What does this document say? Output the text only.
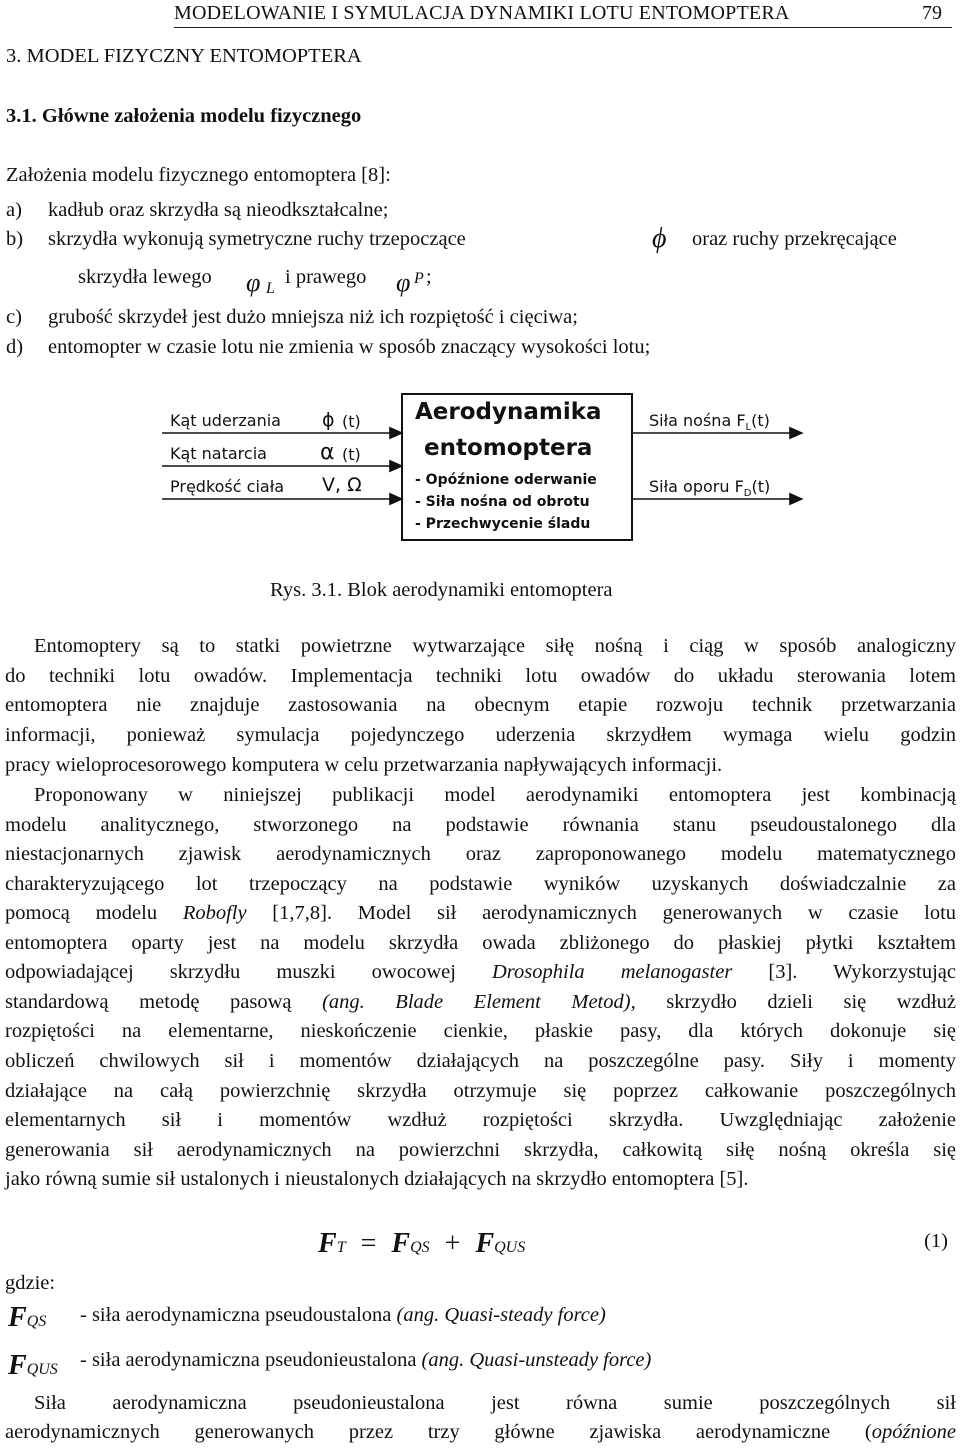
MODELOWANIE I SYMULACJA DYNAMIKI LOTU ENTOMOPTERA	79
3. MODEL FIZYCZNY ENTOMOPTERA
3.1. Główne założenia modelu fizycznego
Założenia modelu fizycznego entomoptera [8]:
a) kadłub oraz skrzydła są nieodkształcalne;
b) skrzydła wykonują symetryczne ruchy trzepoczące	ϕ oraz ruchy przekręcające
skrzydła lewego φ L
i prawego φ P ;
c) grubość skrzydeł jest dużo mniejsza niż ich rozpiętość i cięciwa;
d) entomopter w czasie lotu nie zmienia w sposób znaczący wysokości lotu;
Kąt uderzania ϕ (t)
Kąt natarcia α (t)
Prędkość ciała V, Ω
Aerodynamika
entomoptera
- Opóźnione oderwanie
- Siła nośna od obrotu
- Przechwycenie śladu
Siła nośna $F_L(t)$
Siła oporu $F_D(t)$
Rys. 3.1. Blok aerodynamiki entomoptera
Entomoptery są to statki powietrzne wytwarzające siłę nośną i ciąg w sposób analogiczny
do techniki lotu owadów. Implementacja techniki lotu owadów do układu sterowania lotem
entomoptera nie znajduje zastosowania na obecnym etapie rozwoju technik przetwarzania
informacji, ponieważ symulacja pojedynczego uderzenia skrzydłem wymaga wielu godzin
pracy wieloprocesorowego komputera w celu przetwarzania napływających informacji.
Proponowany w niniejszej publikacji model aerodynamiki entomoptera jest kombinacją
modelu analitycznego, stworzonego na podstawie równania stanu pseudoustalonego dla
niestacjonarnych zjawisk aerodynamicznych oraz zaproponowanego modelu matematycznego
charakteryzującego lot trzepoczący na podstawie wyników uzyskanych doświadczalnie za
pomocą modelu Robofly [1,7,8]. Model sił aerodynamicznych generowanych w czasie lotu
entomoptera oparty jest na modelu skrzydła owada zbliżonego do płaskiej płytki kształtem
odpowiadającej skrzydłu muszki owocowej Drosophila melanogaster [3]. Wykorzystując
standardową metodę pasową (ang. Blade Element Metod), skrzydło dzieli się wzdłuż
rozpiętości na elementarne, nieskończenie cienkie, płaskie pasy, dla których dokonuje się
obliczeń chwilowych sił i momentów działających na poszczególne pasy. Siły i momenty
działające na całą powierzchnię skrzydła otrzymuje się poprzez całkowanie poszczególnych
elementarnych sił i momentów wzdłuż rozpiętości skrzydła. Uwzględniając założenie
generowania sił aerodynamicznych na powierzchni skrzydła, całkowitą siłę nośną określa się
jako równą sumie sił ustalonych i nieustalonych działających na skrzydło entomoptera [5].
FT = FQS + FQUS	(1)
gdzie:
FQS - siła aerodynamiczna pseudoustalona (ang. Quasi-steady force)
FQUS - siła aerodynamiczna pseudonieustalona (ang. Quasi-unsteady force)
Siła aerodynamiczna pseudonieustalona jest równa sumie poszczególnych sił
aerodynamicznych generowanych przez trzy główne zjawiska aerodynamiczne (opóźnione
